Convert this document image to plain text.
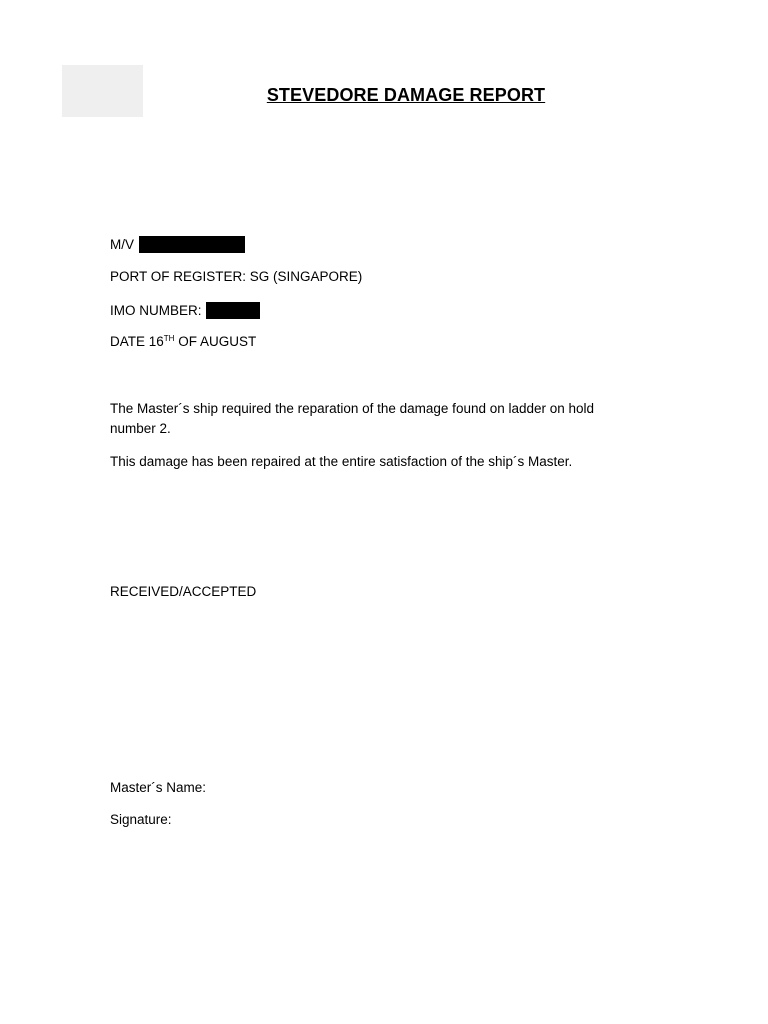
STEVEDORE DAMAGE REPORT
M/V
PORT OF REGISTER: SG (SINGAPORE)
IMO NUMBER:
DATE 16TH OF AUGUST
The Master´s ship required the reparation of the damage found on ladder on hold number 2.
This damage has been repaired at the entire satisfaction of the ship´s Master.
RECEIVED/ACCEPTED
Master´s Name:
Signature:
